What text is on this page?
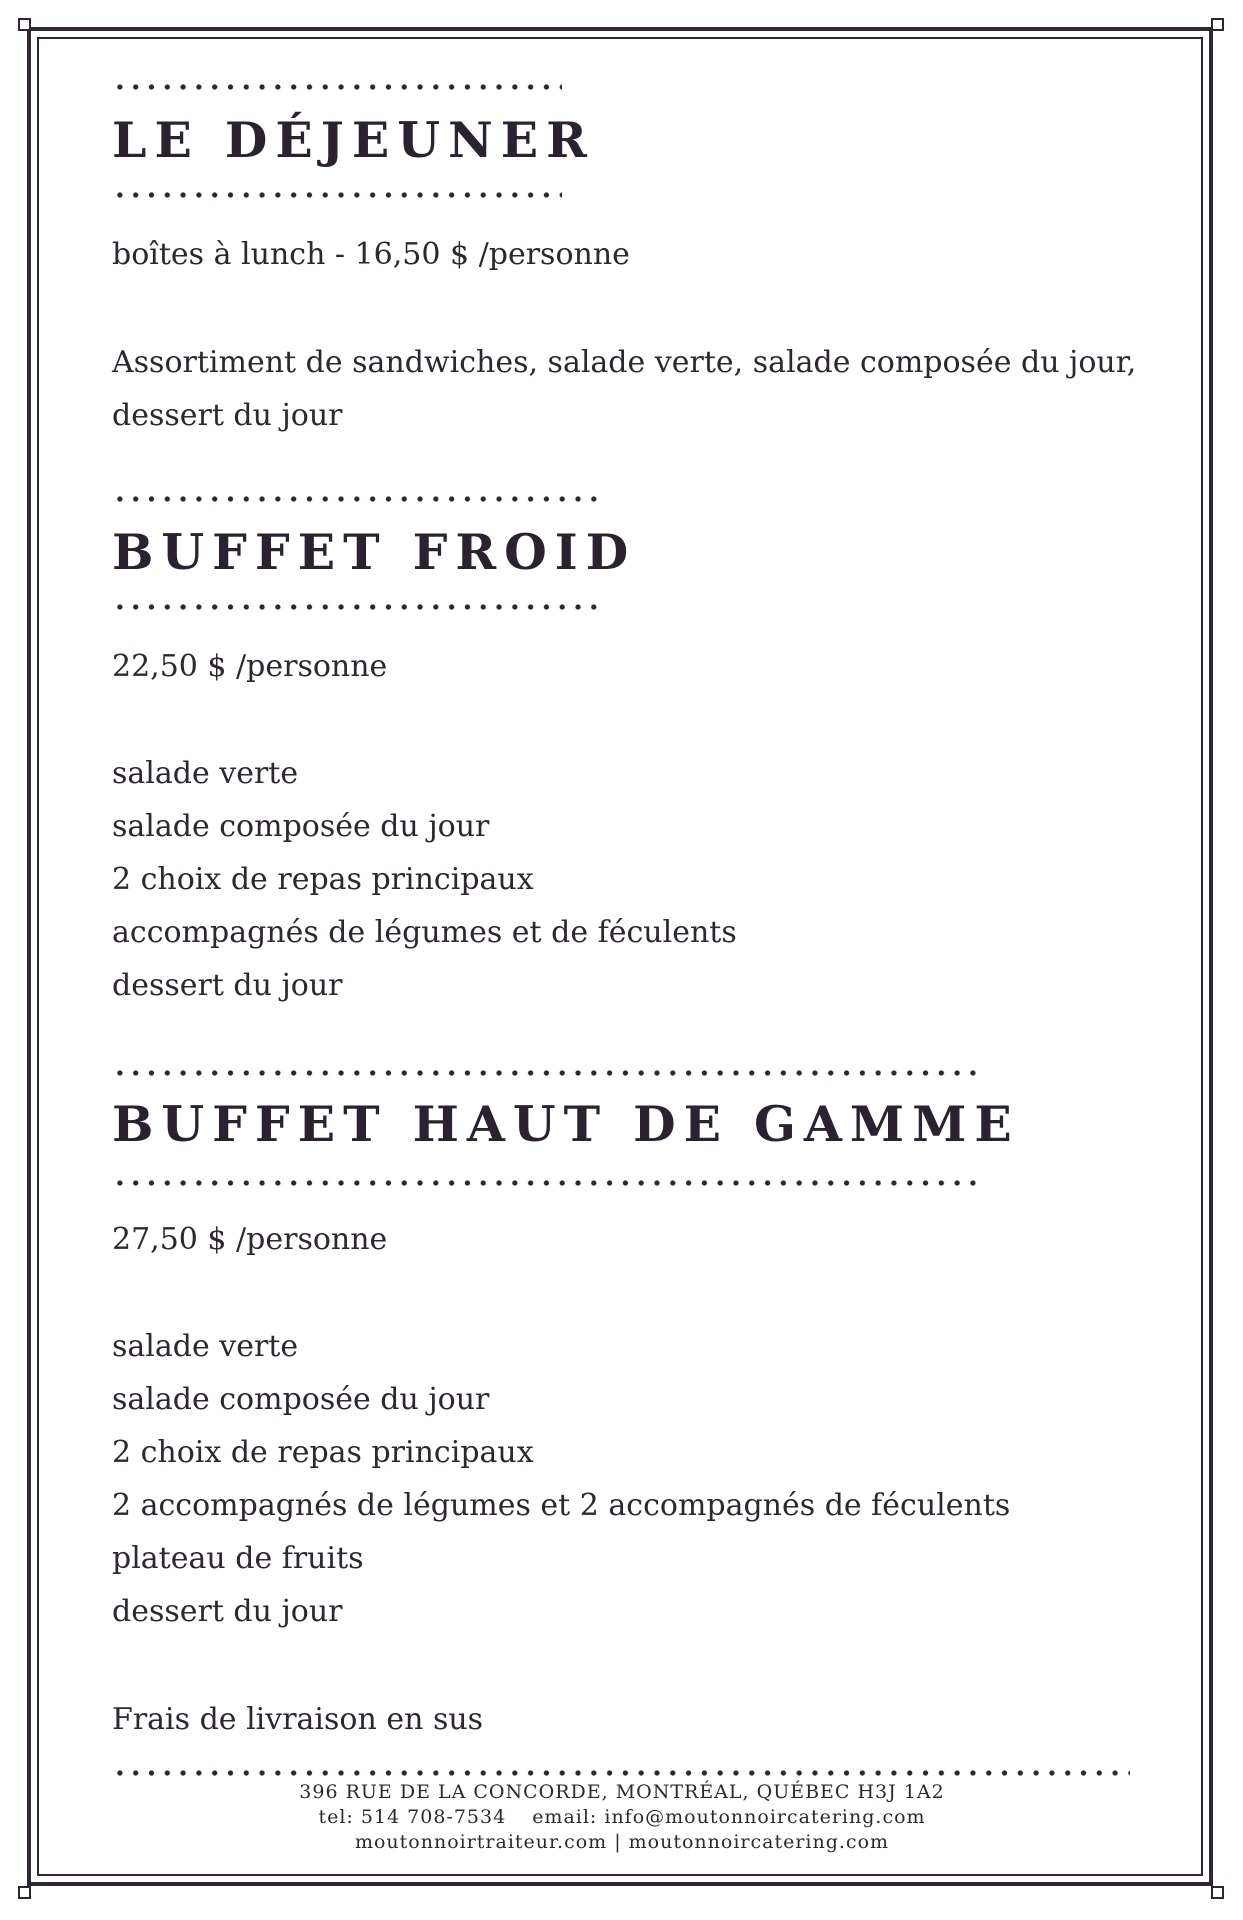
LE DÉJEUNER

boîtes à lunch - 16,50 $ /personne

Assortiment de sandwiches, salade verte, salade composée du jour,

dessert du jour

BUFFET FROID

22,50 $ /personne

salade verte
salade composée du jour
2 choix de repas principaux
accompagnés de légumes et de féculents
dessert du jour
BUFFET HAUT DE GAMME

27,50 $ /personne

salade verte
salade composée du jour
2 choix de repas principaux
2 accompagnés de légumes et 2 accompagnés de féculents
plateau de fruits
dessert du jour

Frais de livraison en sus

396 RUE DE LA CONCORDE, MONTRÉAL, QUÉBEC H3J 1A2
tel: 514 708-7534 email: info@moutonnoircatering.com
moutonnoirtraiteur.com | moutonnoircatering.com
